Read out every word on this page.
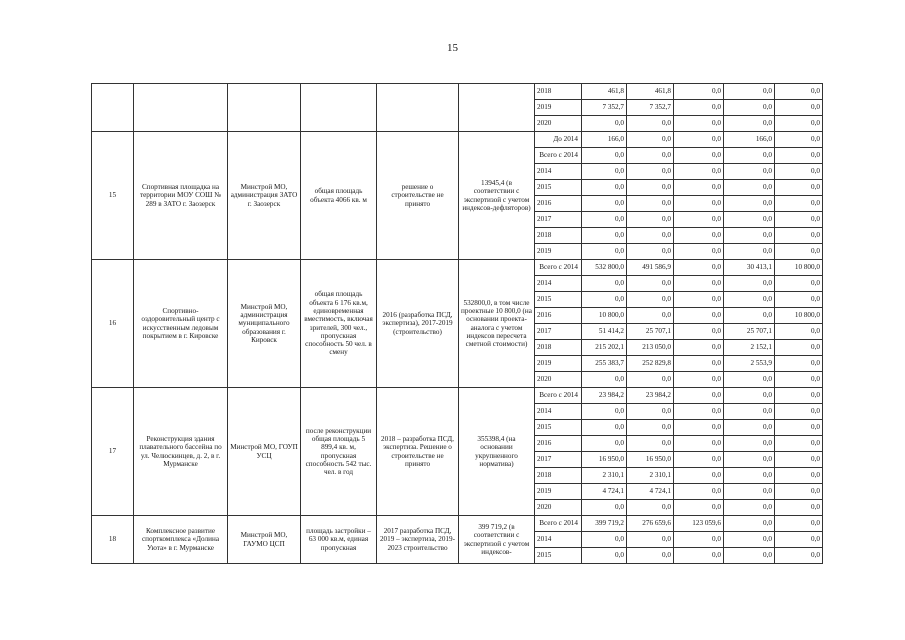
15
						2018	461,8	461,8	0,0	0,0	0,0
						2019	7 352,7	7 352,7	0,0	0,0	0,0
						2020	0,0	0,0	0,0	0,0	0,0
15	Спортивная площадка на территории МОУ СОШ № 289 в ЗАТО г. Заозерск	Минстрой МО, администрация ЗАТО г. Заозерск	общая площадь объекта 4066 кв. м	решение о строительстве не принято	13945,4 (в соответствии с экспертизой с учетом индексов-дефляторов)	До 2014	166,0	0,0	0,0	166,0	0,0
						Всего с 2014	0,0	0,0	0,0	0,0	0,0
						2014	0,0	0,0	0,0	0,0	0,0
						2015	0,0	0,0	0,0	0,0	0,0
						2016	0,0	0,0	0,0	0,0	0,0
						2017	0,0	0,0	0,0	0,0	0,0
						2018	0,0	0,0	0,0	0,0	0,0
						2019	0,0	0,0	0,0	0,0	0,0
16	Спортивно-оздоровительный центр с искусственным ледовым покрытием в г. Кировске	Минстрой МО, администрация муниципального образования г. Кировск	общая площадь объекта 6 176 кв.м, единовременная вместимость, включая зрителей, 300 чел., пропускная способность 50 чел. в смену	2016 (разработка ПСД, экспертиза), 2017-2019 (строительство)	532800,0, в том числе проектные 10 800,0 (на основании проекта-аналога с учетом индексов пересчета сметной стоимости)	Всего с 2014	532 800,0	491 586,9	0,0	30 413,1	10 800,0
						2014	0,0	0,0	0,0	0,0	0,0
						2015	0,0	0,0	0,0	0,0	0,0
						2016	10 800,0	0,0	0,0	0,0	10 800,0
						2017	51 414,2	25 707,1	0,0	25 707,1	0,0
						2018	215 202,1	213 050,0	0,0	2 152,1	0,0
						2019	255 383,7	252 829,8	0,0	2 553,9	0,0
						2020	0,0	0,0	0,0	0,0	0,0
17	Реконструкция здания плавательного бассейна по ул. Челюскинцев, д. 2, в г. Мурманске	Минстрой МО, ГОУП УСЦ	после реконструкции общая площадь 5 899,4 кв. м, пропускная способность 542 тыс. чел. в год	2018 – разработка ПСД, экспертиза. Решение о строительстве не принято	355398,4 (на основании укрупненного норматива)	Всего с 2014	23 984,2	23 984,2	0,0	0,0	0,0
						2014	0,0	0,0	0,0	0,0	0,0
						2015	0,0	0,0	0,0	0,0	0,0
						2016	0,0	0,0	0,0	0,0	0,0
						2017	16 950,0	16 950,0	0,0	0,0	0,0
						2018	2 310,1	2 310,1	0,0	0,0	0,0
						2019	4 724,1	4 724,1	0,0	0,0	0,0
						2020	0,0	0,0	0,0	0,0	0,0
18	Комплексное развитие спорткомплекса «Долина Уюта» в г. Мурманске	Минстрой МО, ГАУМО ЦСП	площадь застройки – 63 000 кв.м, единая пропускная	2017 разработка ПСД, 2019 – экспертиза, 2019-2023 строительство	399 719,2 (в соответствии с экспертизой с учетом индексов-	Всего с 2014	399 719,2	276 659,6	123 059,6	0,0	0,0
						2014	0,0	0,0	0,0	0,0	0,0
						2015	0,0	0,0	0,0	0,0	0,0
